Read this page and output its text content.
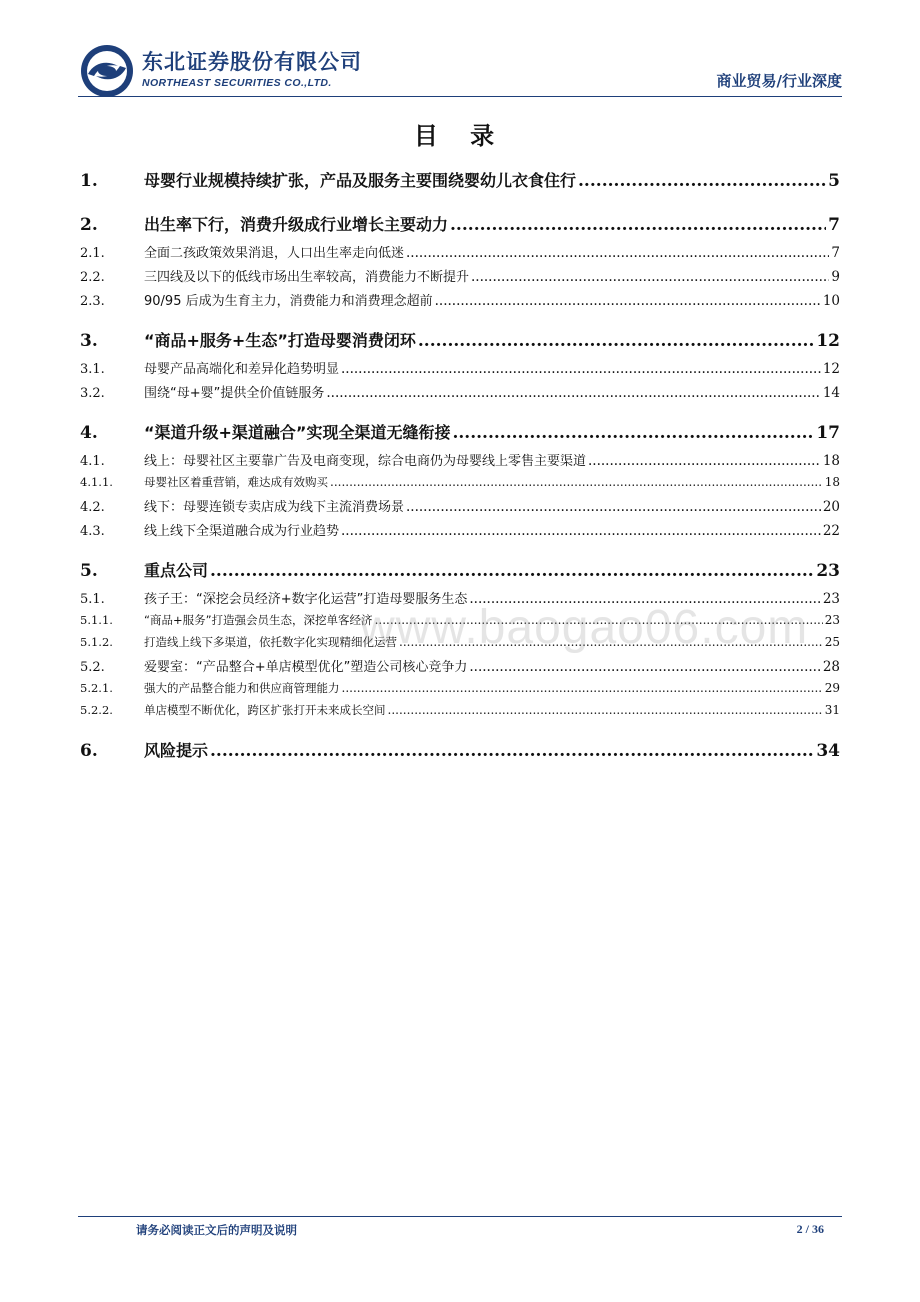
东北证券股份有限公司
NORTHEAST SECURITIES CO.,LTD.	商业贸易/行业深度
目 录
1.	母婴行业规模持续扩张，产品及服务主要围绕婴幼儿衣食住行 .....	5
2.	出生率下行，消费升级成行业增长主要动力 .....	7
2.1.	全面二孩政策效果消退，人口出生率走向低迷 .....	7
2.2.	三四线及以下的低线市场出生率较高，消费能力不断提升 .....	9
2.3.	90/95 后成为生育主力，消费能力和消费理念超前 .....	10
3.	“商品+服务+生态”打造母婴消费闭环 .....	12
3.1.	母婴产品高端化和差异化趋势明显 .....	12
3.2.	围绕“母+婴”提供全价值链服务 .....	14
4.	“渠道升级+渠道融合”实现全渠道无缝衔接 .....	17
4.1.	线上：母婴社区主要靠广告及电商变现，综合电商仍为母婴线上零售主要渠道 .....	18
4.1.1.	母婴社区着重营销，难达成有效购买 .....	18
4.2.	线下：母婴连锁专卖店成为线下主流消费场景 .....	20
4.3.	线上线下全渠道融合成为行业趋势 .....	22
5.	重点公司 .....	23
5.1.	孩子王：“深挖会员经济+数字化运营”打造母婴服务生态 .....	23
5.1.1.	“商品+服务”打造强会员生态，深挖单客经济 .....	23
5.1.2.	打造线上线下多渠道，依托数字化实现精细化运营 .....	25
5.2.	爱婴室：“产品整合+单店模型优化”塑造公司核心竞争力 .....	28
5.2.1.	强大的产品整合能力和供应商管理能力 .....	29
5.2.2.	单店模型不断优化，跨区扩张打开未来成长空间 .....	31
6.	风险提示 .....	34
www.baogao06.com
请务必阅读正文后的声明及说明	2 / 36
